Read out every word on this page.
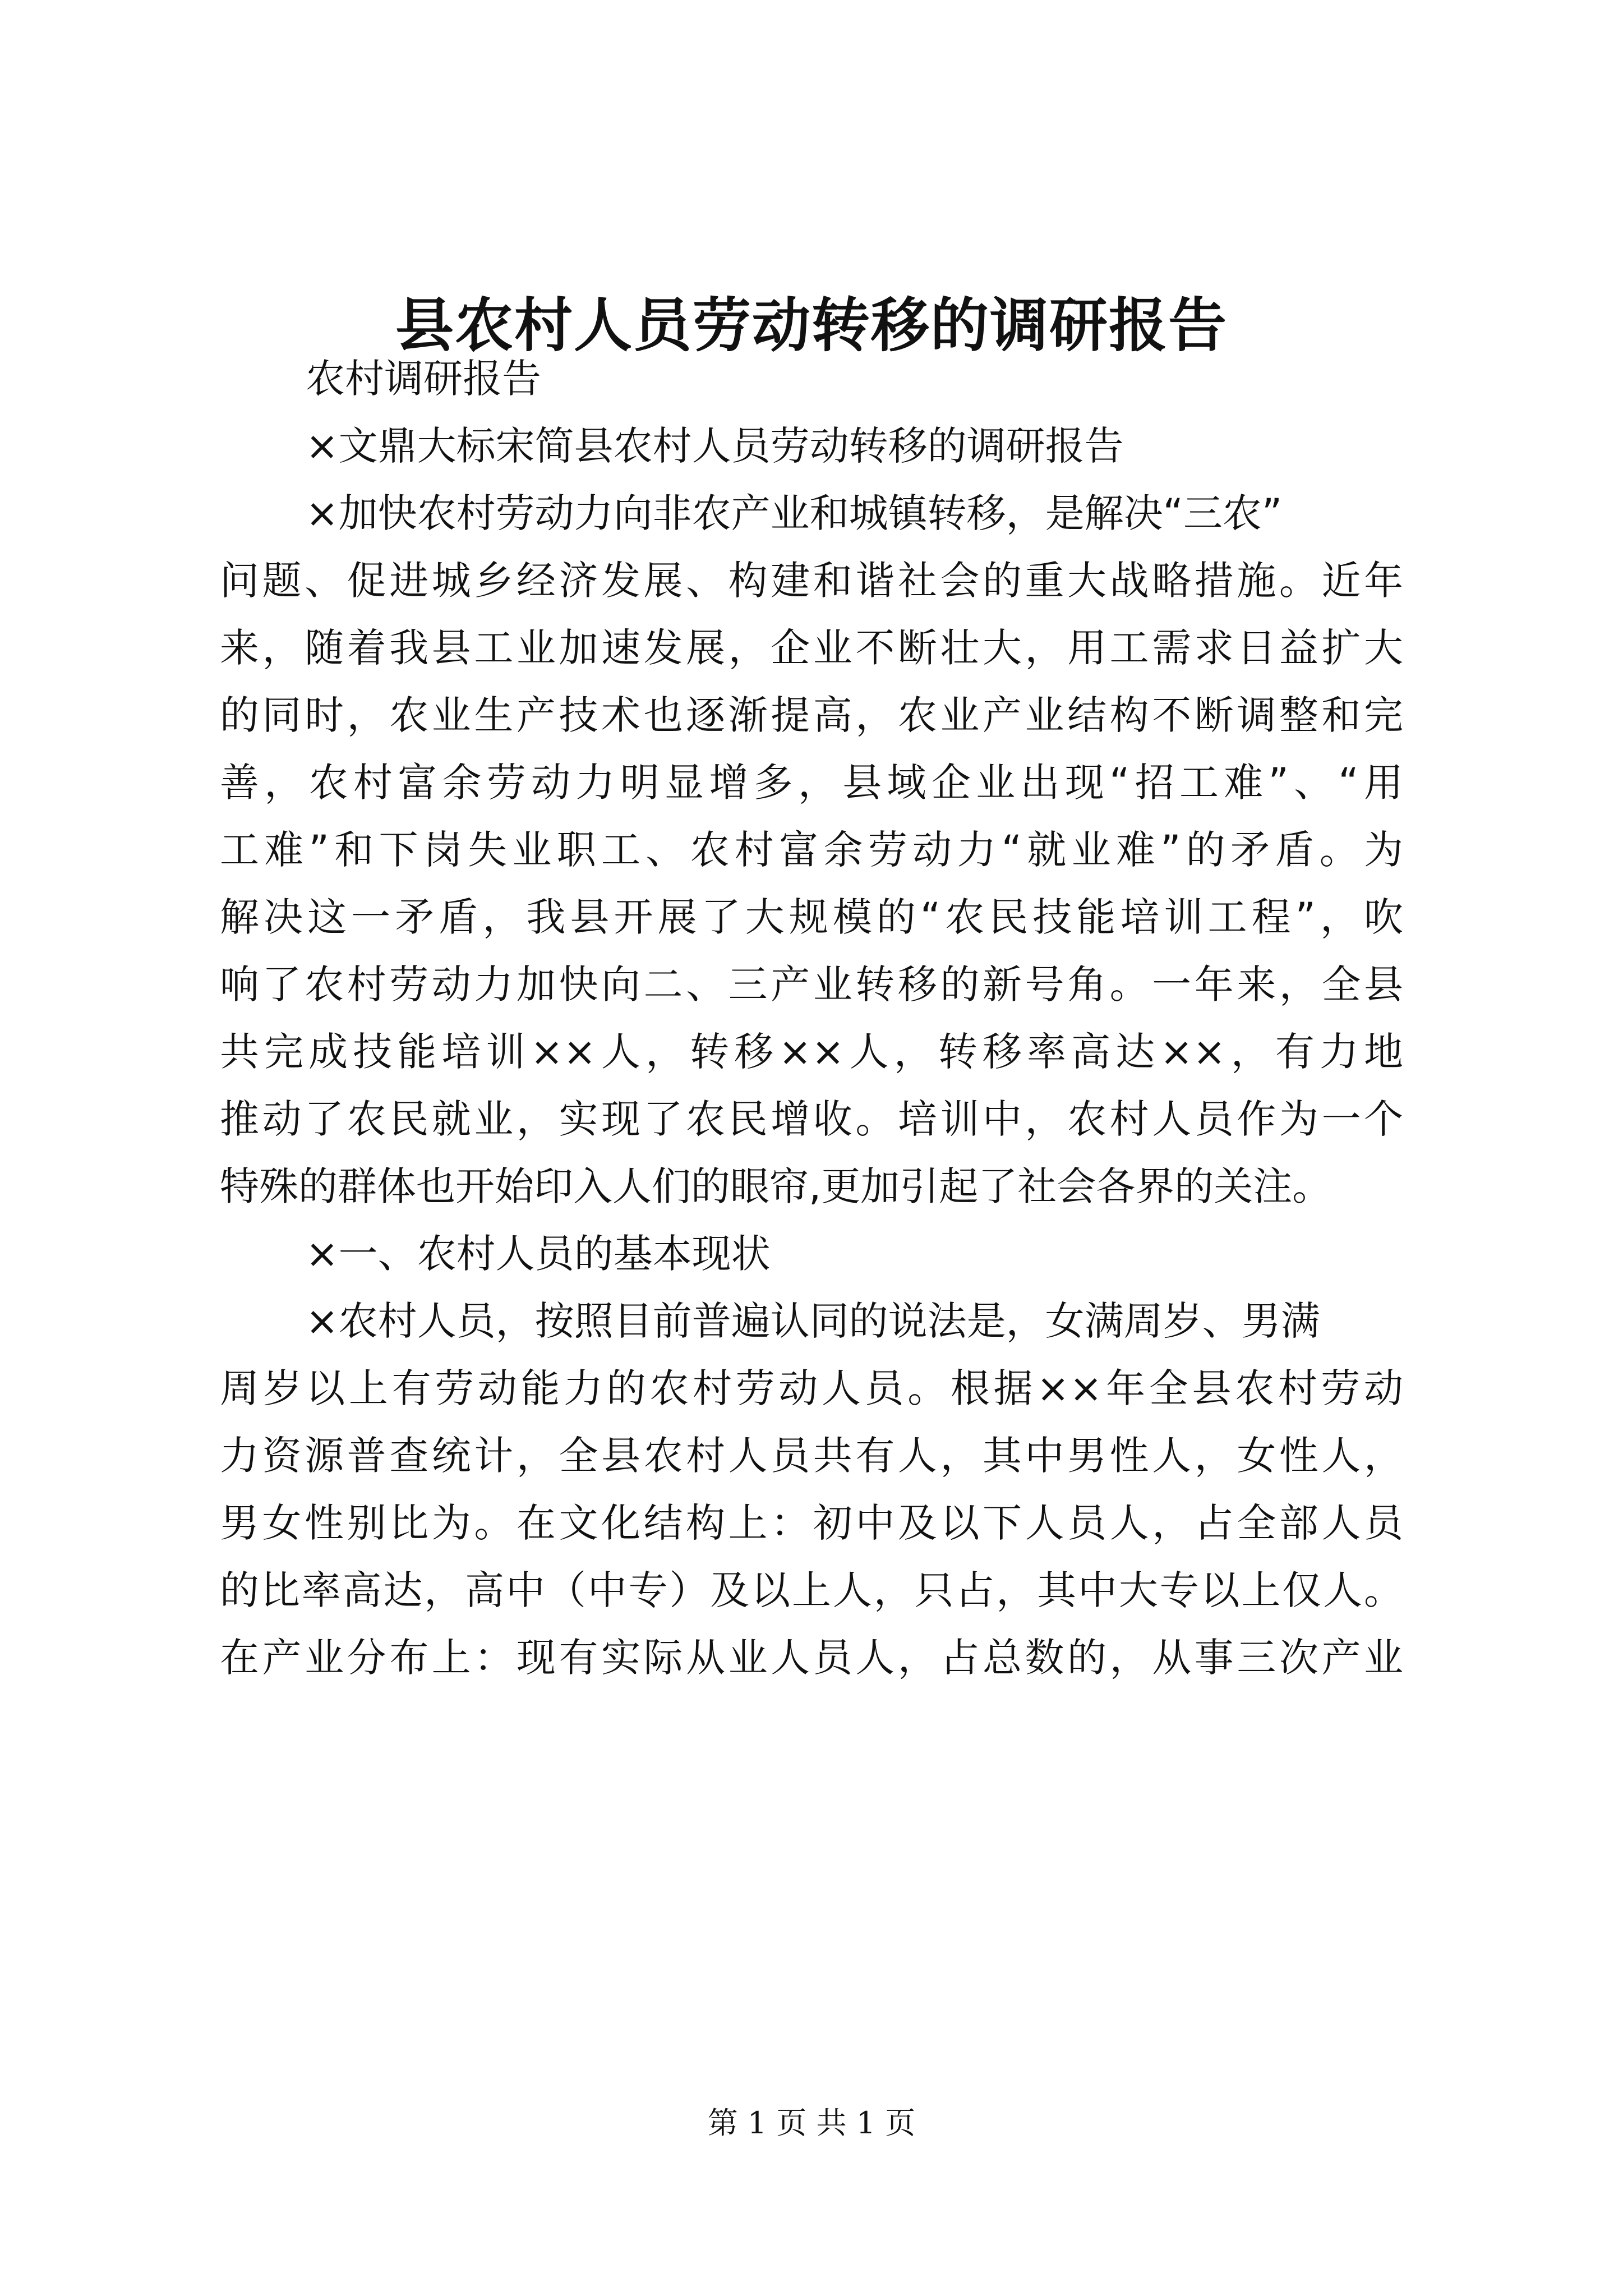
县农村人员劳动转移的调研报告
农村调研报告
×文鼎大标宋简县农村人员劳动转移的调研报告
×加快农村劳动力向非农产业和城镇转移，是解决“三农”
问题、促进城乡经济发展、构建和谐社会的重大战略措施。近年
来，随着我县工业加速发展，企业不断壮大，用工需求日益扩大
的同时，农业生产技术也逐渐提高，农业产业结构不断调整和完
善，农村富余劳动力明显增多，县域企业出现“招工难”、“用
工难”和下岗失业职工、农村富余劳动力“就业难”的矛盾。为
解决这一矛盾，我县开展了大规模的“农民技能培训工程”，吹
响了农村劳动力加快向二、三产业转移的新号角。一年来，全县
共完成技能培训××人，转移××人，转移率高达××，有力地
推动了农民就业，实现了农民增收。培训中，农村人员作为一个
特殊的群体也开始印入人们的眼帘,更加引起了社会各界的关注。
×一、农村人员的基本现状
×农村人员，按照目前普遍认同的说法是，女满周岁、男满
周岁以上有劳动能力的农村劳动人员。根据××年全县农村劳动
力资源普查统计，全县农村人员共有人，其中男性人，女性人，
男女性别比为。在文化结构上：初中及以下人员人，占全部人员
的比率高达，高中（中专）及以上人，只占，其中大专以上仅人。
在产业分布上：现有实际从业人员人，占总数的，从事三次产业
第 1 页 共 1 页
